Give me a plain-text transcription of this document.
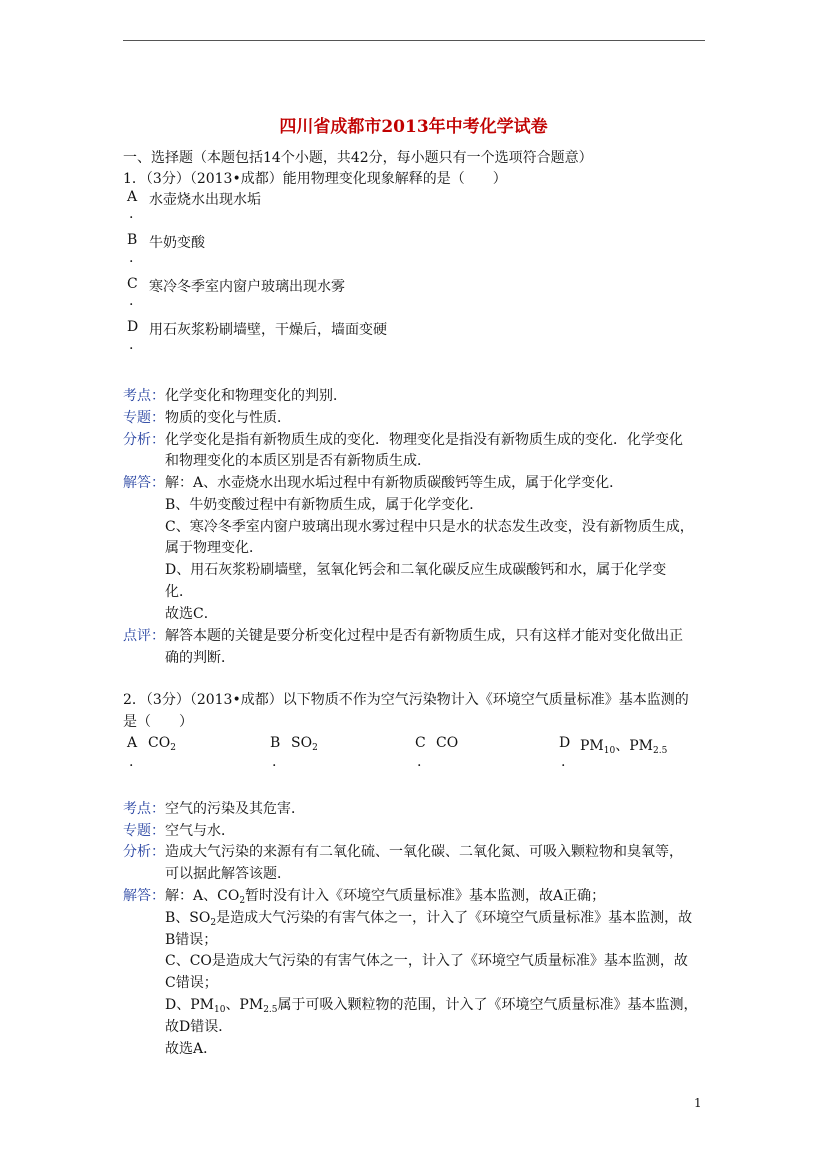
四川省成都市2013年中考化学试卷
一、选择题（本题包括14个小题，共42分，每小题只有一个选项符合题意）
1．（3分）（2013•成都）能用物理变化现象解释的是（　　）
A 水壶烧水出现水垢
.
B 牛奶变酸
.
C 寒冷冬季室内窗户玻璃出现水雾
.
D 用石灰浆粉刷墙壁，干燥后，墙面变硬
.
考点： 化学变化和物理变化的判别．
专题： 物质的变化与性质．
分析： 化学变化是指有新物质生成的变化．物理变化是指没有新物质生成的变化．化学变化
和物理变化的本质区别是否有新物质生成．
解答： 解：A、水壶烧水出现水垢过程中有新物质碳酸钙等生成，属于化学变化．
B、牛奶变酸过程中有新物质生成，属于化学变化．
C、寒冷冬季室内窗户玻璃出现水雾过程中只是水的状态发生改变，没有新物质生成，
属于物理变化．
D、用石灰浆粉刷墙壁，氢氧化钙会和二氧化碳反应生成碳酸钙和水，属于化学变
化．
故选C．
点评： 解答本题的关键是要分析变化过程中是否有新物质生成，只有这样才能对变化做出正
确的判断．
2．（3分）（2013•成都）以下物质不作为空气污染物计入《环境空气质量标准》基本监测的
是（　　）
A $CO_2$
.
B $SO_2$
.
C CO
.
D $PM_{10}$、$PM_{2.5}$
.
考点： 空气的污染及其危害．
专题： 空气与水．
分析： 造成大气污染的来源有有二氧化硫、一氧化碳、二氧化氮、可吸入颗粒物和臭氧等，
可以据此解答该题．
解答： 解：A、$CO_2$暂时没有计入《环境空气质量标准》基本监测，故A正确；
B、$SO_2$是造成大气污染的有害气体之一，计入了《环境空气质量标准》基本监测，故
B错误；
C、CO是造成大气污染的有害气体之一，计入了《环境空气质量标准》基本监测，故
C错误；
D、$PM_{10}$、$PM_{2.5}$属于可吸入颗粒物的范围，计入了《环境空气质量标准》基本监测，
故D错误．
故选A．
1
